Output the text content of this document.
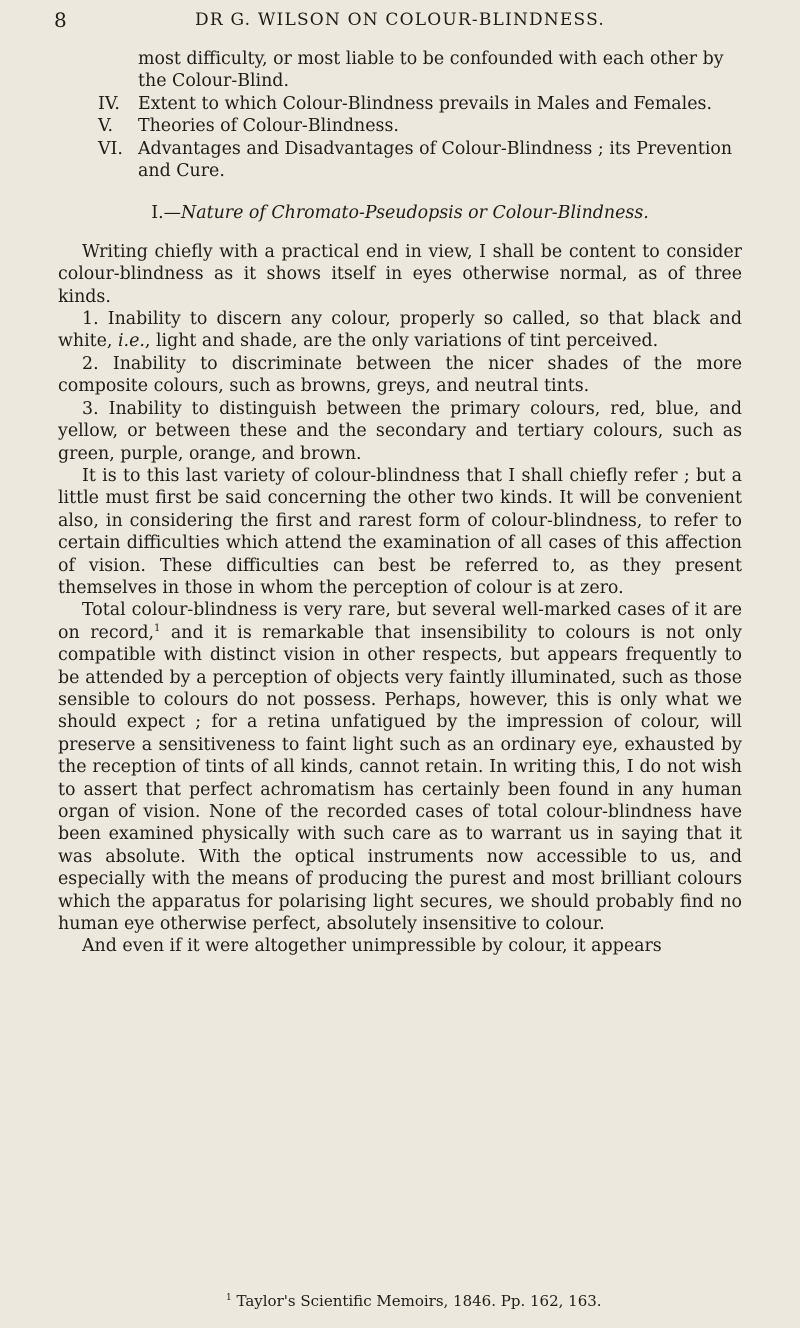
8	DR G. WILSON ON COLOUR-BLINDNESS.
most difficulty, or most liable to be confounded with each other by the Colour-Blind.
IV. Extent to which Colour-Blindness prevails in Males and Females.
V. Theories of Colour-Blindness.
VI. Advantages and Disadvantages of Colour-Blindness ; its Prevention and Cure.
I.—Nature of Chromato-Pseudopsis or Colour-Blindness.

Writing chiefly with a practical end in view, I shall be content to consider colour-blindness as it shows itself in eyes otherwise normal, as of three kinds.

1. Inability to discern any colour, properly so called, so that black and white, i.e., light and shade, are the only variations of tint perceived.

2. Inability to discriminate between the nicer shades of the more composite colours, such as browns, greys, and neutral tints.

3. Inability to distinguish between the primary colours, red, blue, and yellow, or between these and the secondary and tertiary colours, such as green, purple, orange, and brown.

It is to this last variety of colour-blindness that I shall chiefly refer ; but a little must first be said concerning the other two kinds. It will be convenient also, in considering the first and rarest form of colour-blindness, to refer to certain difficulties which attend the examination of all cases of this affection of vision. These difficulties can best be referred to, as they present themselves in those in whom the perception of colour is at zero.

Total colour-blindness is very rare, but several well-marked cases of it are on record,$^1$ and it is remarkable that insensibility to colours is not only compatible with distinct vision in other respects, but appears frequently to be attended by a perception of objects very faintly illuminated, such as those sensible to colours do not possess. Perhaps, however, this is only what we should expect ; for a retina unfatigued by the impression of colour, will preserve a sensitiveness to faint light such as an ordinary eye, exhausted by the reception of tints of all kinds, cannot retain. In writing this, I do not wish to assert that perfect achromatism has certainly been found in any human organ of vision. None of the recorded cases of total colour-blindness have been examined physically with such care as to warrant us in saying that it was absolute. With the optical instruments now accessible to us, and especially with the means of producing the purest and most brilliant colours which the apparatus for polarising light secures, we should probably find no human eye otherwise perfect, absolutely insensitive to colour.

And even if it were altogether unimpressible by colour, it appears

$^1$ Taylor's Scientific Memoirs, 1846. Pp. 162, 163.
